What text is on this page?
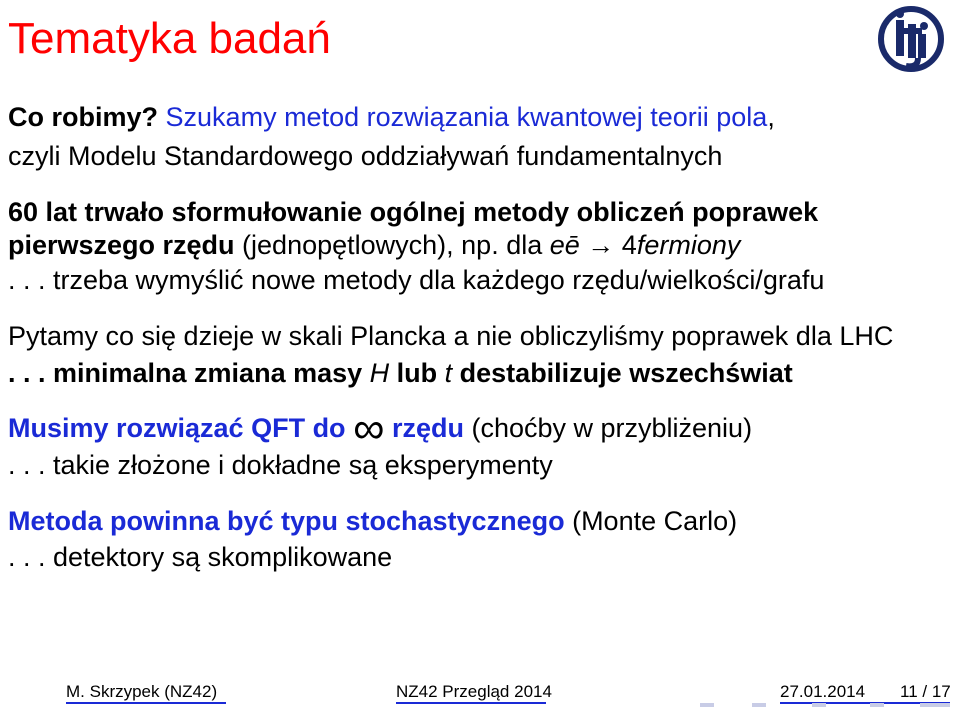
Tematyka badań
Co robimy? Szukamy metod rozwiązania kwantowej teorii pola,
czyli Modelu Standardowego oddziaływań fundamentalnych
60 lat trwało sformułowanie ogólnej metody obliczeń poprawek
pierwszego rzędu (jednopętlowych), np. dla eē → 4fermiony
. . . trzeba wymyślić nowe metody dla każdego rzędu/wielkości/grafu
Pytamy co się dzieje w skali Plancka a nie obliczyliśmy poprawek dla LHC
. . . minimalna zmiana masy H lub t destabilizuje wszechświat
Musimy rozwiązać QFT do ∞ rzędu (choćby w przybliżeniu)
. . . takie złożone i dokładne są eksperymenty
Metoda powinna być typu stochastycznego (Monte Carlo)
. . . detektory są skomplikowane
M. Skrzypek (NZ42)	NZ42 Przegląd 2014	27.01.2014 11 / 17
